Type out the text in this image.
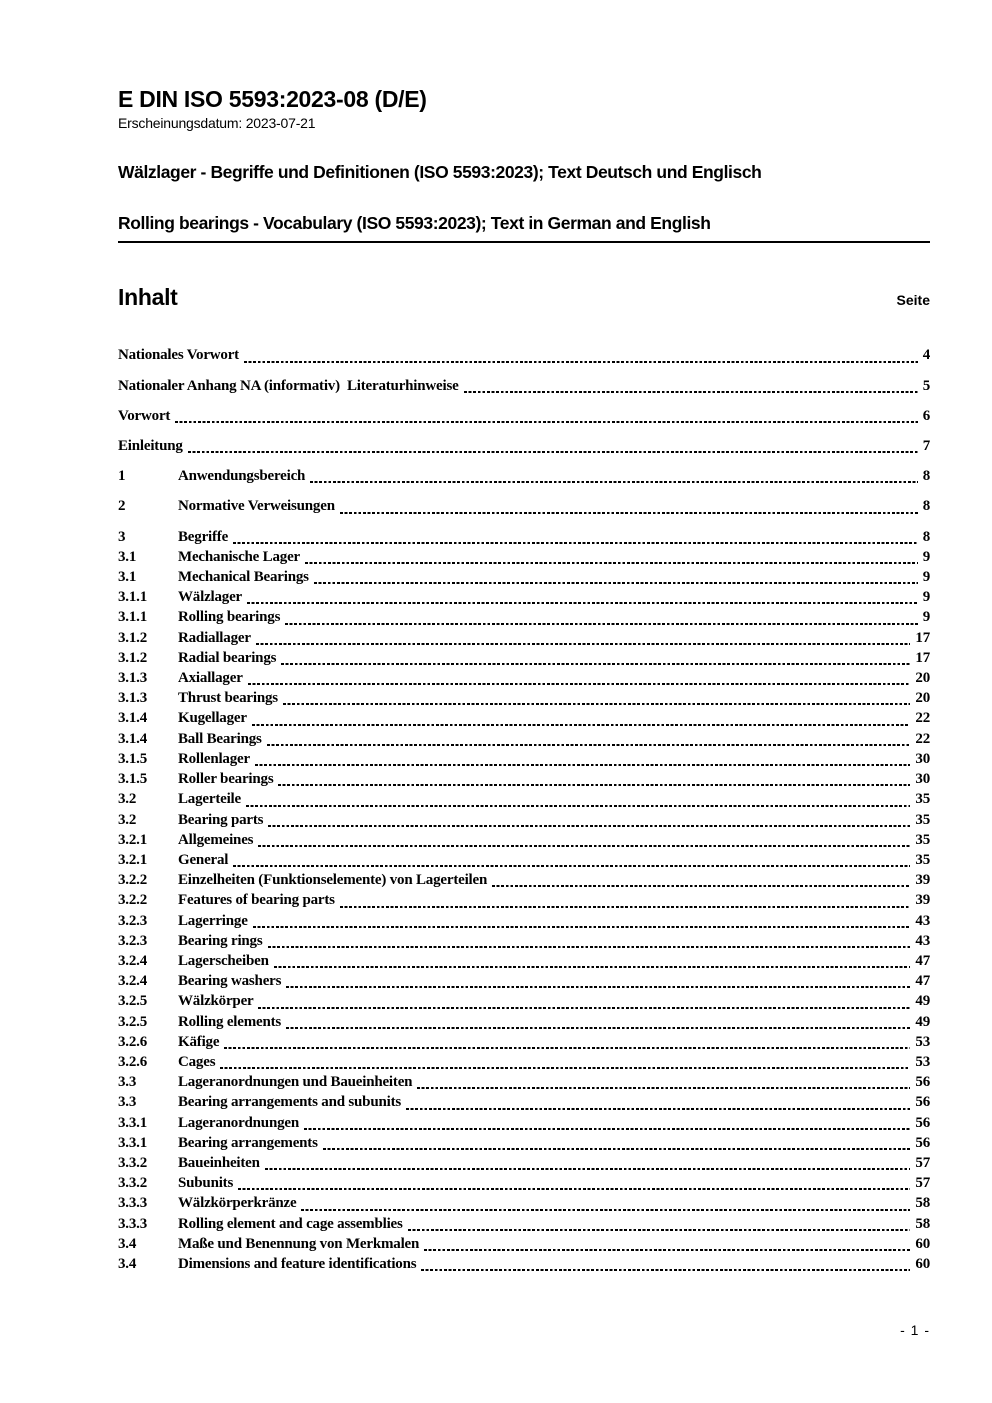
E DIN ISO 5593:2023-08 (D/E)
Erscheinungsdatum: 2023-07-21
Wälzlager - Begriffe und Definitionen (ISO 5593:2023); Text Deutsch und Englisch
Rolling bearings - Vocabulary (ISO 5593:2023); Text in German and English
Inhalt	Seite
Nationales Vorwort	4
Nationaler Anhang NA (informativ)  Literaturhinweise	5
Vorwort	6
Einleitung	7
1	Anwendungsbereich	8
2	Normative Verweisungen	8
3	Begriffe	8
3.1	Mechanische Lager	9
3.1	Mechanical Bearings	9
3.1.1	Wälzlager	9
3.1.1	Rolling bearings	9
3.1.2	Radiallager	17
3.1.2	Radial bearings	17
3.1.3	Axiallager	20
3.1.3	Thrust bearings	20
3.1.4	Kugellager	22
3.1.4	Ball Bearings	22
3.1.5	Rollenlager	30
3.1.5	Roller bearings	30
3.2	Lagerteile	35
3.2	Bearing parts	35
3.2.1	Allgemeines	35
3.2.1	General	35
3.2.2	Einzelheiten (Funktionselemente) von Lagerteilen	39
3.2.2	Features of bearing parts	39
3.2.3	Lagerringe	43
3.2.3	Bearing rings	43
3.2.4	Lagerscheiben	47
3.2.4	Bearing washers	47
3.2.5	Wälzkörper	49
3.2.5	Rolling elements	49
3.2.6	Käfige	53
3.2.6	Cages	53
3.3	Lageranordnungen und Baueinheiten	56
3.3	Bearing arrangements and subunits	56
3.3.1	Lageranordnungen	56
3.3.1	Bearing arrangements	56
3.3.2	Baueinheiten	57
3.3.2	Subunits	57
3.3.3	Wälzkörperkränze	58
3.3.3	Rolling element and cage assemblies	58
3.4	Maße und Benennung von Merkmalen	60
3.4	Dimensions and feature identifications	60
- 1 -
